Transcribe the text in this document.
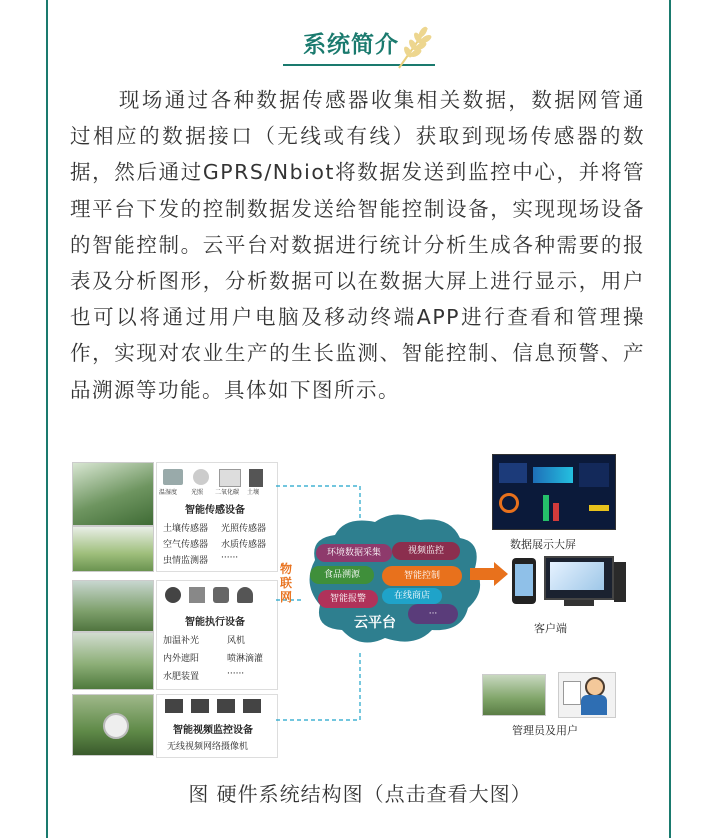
系统简介
现场通过各种数据传感器收集相关数据，数据网管通过相应的数据接口（无线或有线）获取到现场传感器的数据，然后通过GPRS/Nbiot将数据发送到监控中心，并将管理平台下发的控制数据发送给智能控制设备，实现现场设备的智能控制。云平台对数据进行统计分析生成各种需要的报表及分析图形，分析数据可以在数据大屏上进行显示，用户也可以将通过用户电脑及移动终端APP进行查看和管理操作，实现对农业生产的生长监测、智能控制、信息预警、产品溯源等功能。具体如下图所示。
温湿度 光照 二氧化碳 土壤
智能传感设备
土壤传感器 光照传感器
空气传感器 水质传感器
虫情监测器 ······
智能执行设备
加温补光	风机
内外遮阳	喷淋滴灌
水肥装置	······
智能视频监控设备
无线视频网络摄像机
物联网
环境数据采集	视频监控
食品溯源	智能控制
智能报警	在线商店
···
云平台
数据展示大屏
客户端
管理员及用户
图 硬件系统结构图（点击查看大图）
